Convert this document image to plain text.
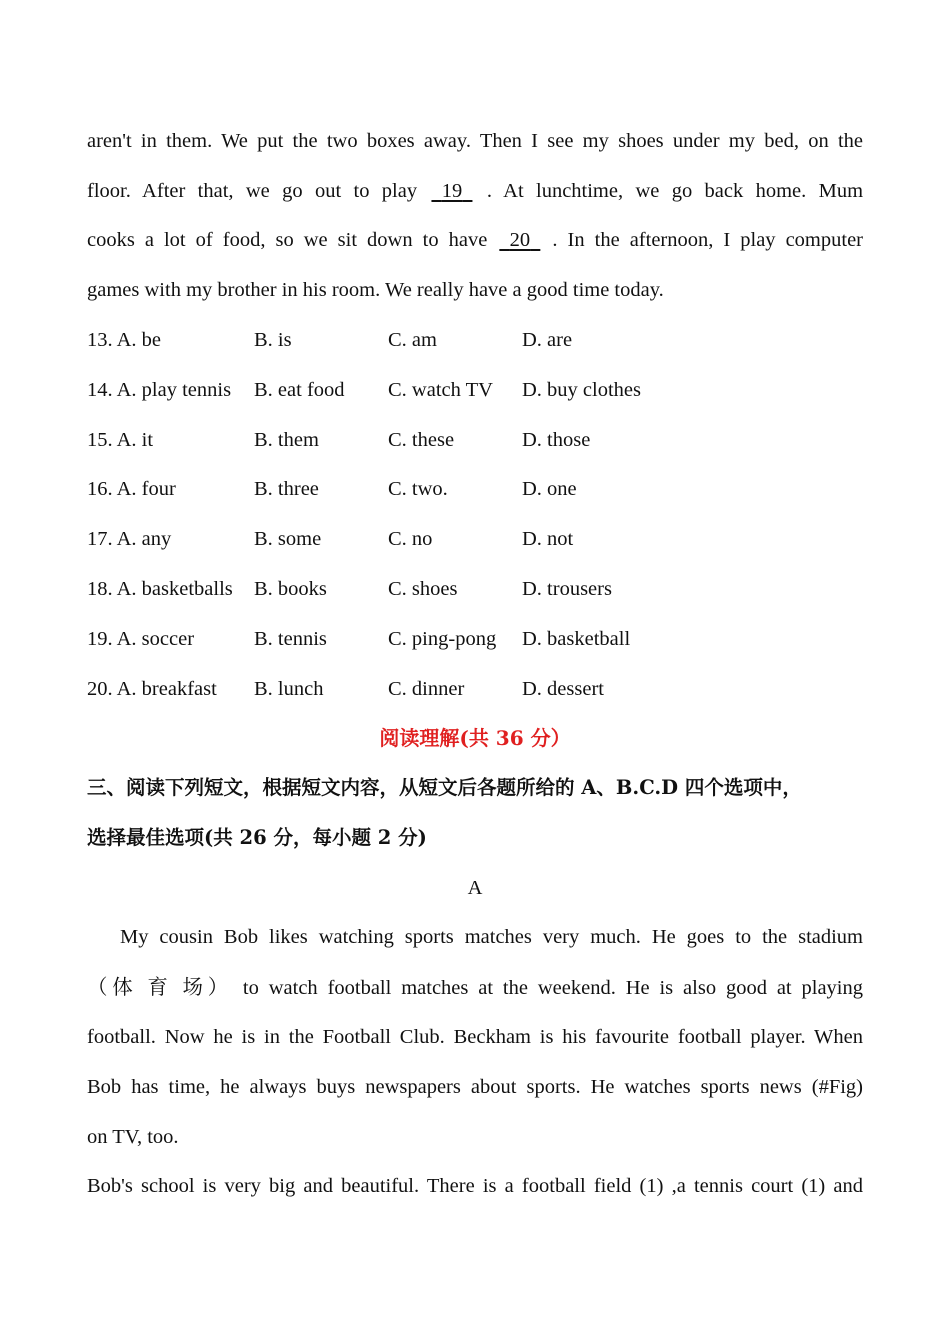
aren't in them. We put the two boxes away. Then I see my shoes under my bed, on the
floor. After that, we go out to play 19 . At lunchtime, we go back home. Mum
cooks a lot of food, so we sit down to have 20 . In the afternoon, I play computer
games with my brother in his room. We really have a good time today.
13. A. be	B. is	C. am	D. are
14. A. play tennis B. eat food C. watch TV D. buy clothes
15. A. it	B. them	C. these	D. those
16. A. four	B. three	C. two.	D. one
17. A. any	B. some	C. no	D. not
18. A. basketballs B. books	C. shoes	D. trousers
19. A. soccer	B. tennis	C. ping-pong D. basketball
20. A. breakfast B. lunch	C. dinner	D. dessert
阅读理解(共 36 分）
三、阅读下列短文，根据短文内容，从短文后各题所给的 A、B.C.D 四个选项中，
选择最佳选项(共 26 分，每小题 2 分)
A
My cousin Bob likes watching sports matches very much. He goes to the stadium
（体 育 场） to watch football matches at the weekend. He is also good at playing
football. Now he is in the Football Club. Beckham is his favourite football player. When
Bob has time, he always buys newspapers about sports. He watches sports news (#Fig)
on TV, too.
Bob's school is very big and beautiful. There is a football field (1) ,a tennis court (1) and
